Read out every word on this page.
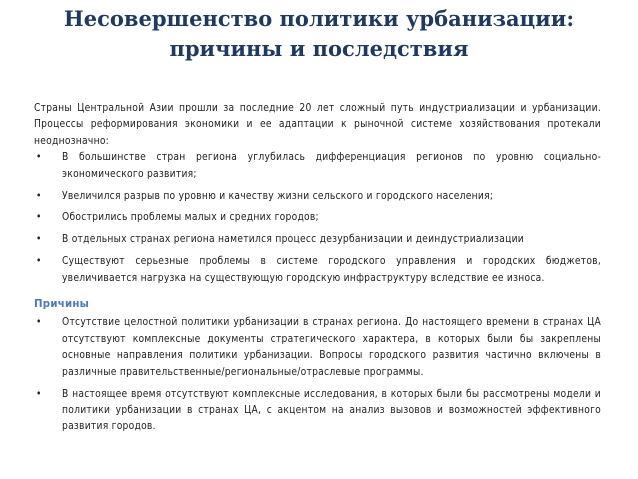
Несовершенство политики урбанизации:
причины и последствия

Страны Центральной Азии прошли за последние 20 лет сложный путь индустриализации и урбанизации. Процессы реформирования экономики и ее адаптации к рыночной системе хозяйствования протекали неоднозначно:

• В большинстве стран региона углубилась дифференциация регионов по уровню социально-экономического развития;
• Увеличился разрыв по уровню и качеству жизни сельского и городского населения;
• Обострились проблемы малых и средних городов;
• В отдельных странах региона наметился процесс дезурбанизации и деиндустриализации
• Существуют серьезные проблемы в системе городского управления и городских бюджетов, увеличивается нагрузка на существующую городскую инфраструктуру вследствие ее износа.
Причины
• Отсутствие целостной политики урбанизации в странах региона. До настоящего времени в странах ЦА отсутствуют комплексные документы стратегического характера, в которых были бы закреплены основные направления политики урбанизации. Вопросы городского развития частично включены в различные правительственные/региональные/отраслевые программы.
• В настоящее время отсутствуют комплексные исследования, в которых были бы рассмотрены модели и политики урбанизации в странах ЦА, с акцентом на анализ вызовов и возможностей эффективного развития городов.
